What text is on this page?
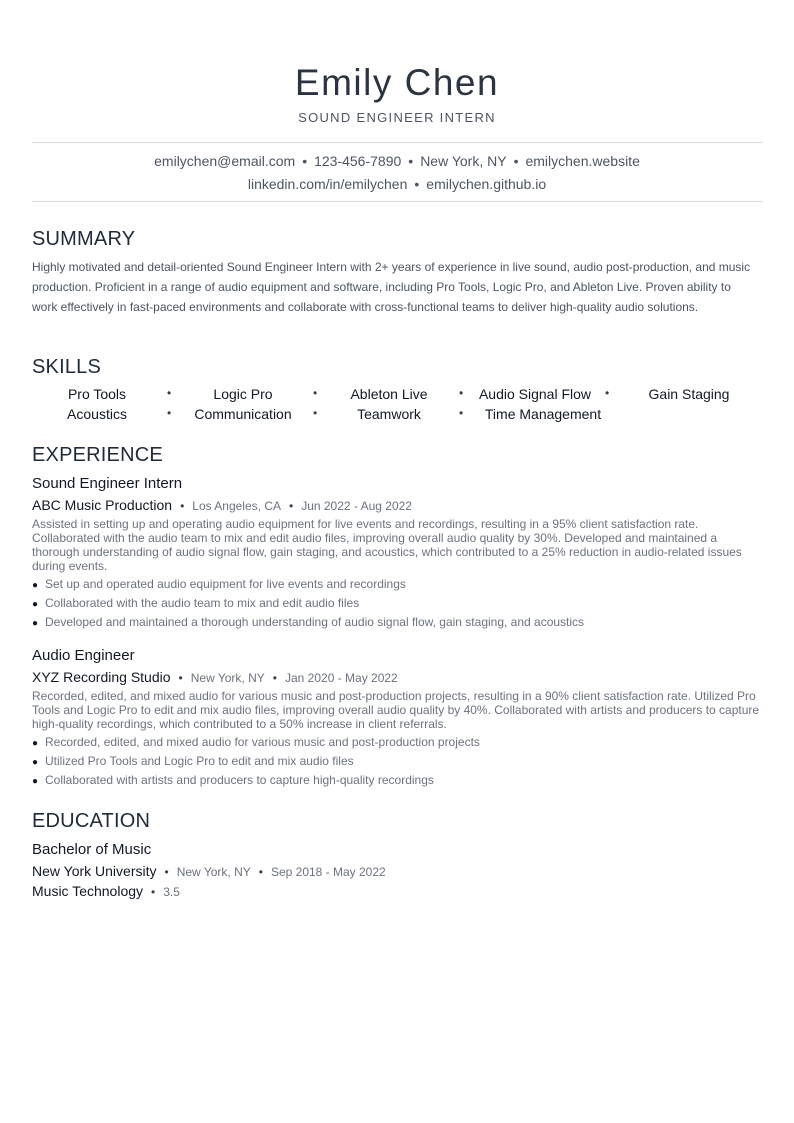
Emily Chen
SOUND ENGINEER INTERN
emilychen@email.com • 123-456-7890 • New York, NY • emilychen.website
linkedin.com/in/emilychen • emilychen.github.io
SUMMARY
Highly motivated and detail-oriented Sound Engineer Intern with 2+ years of experience in live sound, audio post-production, and music production. Proficient in a range of audio equipment and software, including Pro Tools, Logic Pro, and Ableton Live. Proven ability to work effectively in fast-paced environments and collaborate with cross-functional teams to deliver high-quality audio solutions.
SKILLS
Pro Tools	•	Logic Pro	•	Ableton Live	•	Audio Signal Flow	•	Gain Staging
Acoustics	•	Communication	•	Teamwork	•	Time Management
EXPERIENCE
Sound Engineer Intern
ABC Music Production • Los Angeles, CA • Jun 2022 - Aug 2022
Assisted in setting up and operating audio equipment for live events and recordings, resulting in a 95% client satisfaction rate. Collaborated with the audio team to mix and edit audio files, improving overall audio quality by 30%. Developed and maintained a thorough understanding of audio signal flow, gain staging, and acoustics, which contributed to a 25% reduction in audio-related issues during events.
● Set up and operated audio equipment for live events and recordings
● Collaborated with the audio team to mix and edit audio files
● Developed and maintained a thorough understanding of audio signal flow, gain staging, and acoustics
Audio Engineer
XYZ Recording Studio • New York, NY • Jan 2020 - May 2022
Recorded, edited, and mixed audio for various music and post-production projects, resulting in a 90% client satisfaction rate. Utilized Pro Tools and Logic Pro to edit and mix audio files, improving overall audio quality by 40%. Collaborated with artists and producers to capture high-quality recordings, which contributed to a 50% increase in client referrals.
● Recorded, edited, and mixed audio for various music and post-production projects
● Utilized Pro Tools and Logic Pro to edit and mix audio files
● Collaborated with artists and producers to capture high-quality recordings
EDUCATION
Bachelor of Music
New York University • New York, NY • Sep 2018 - May 2022
Music Technology • 3.5
